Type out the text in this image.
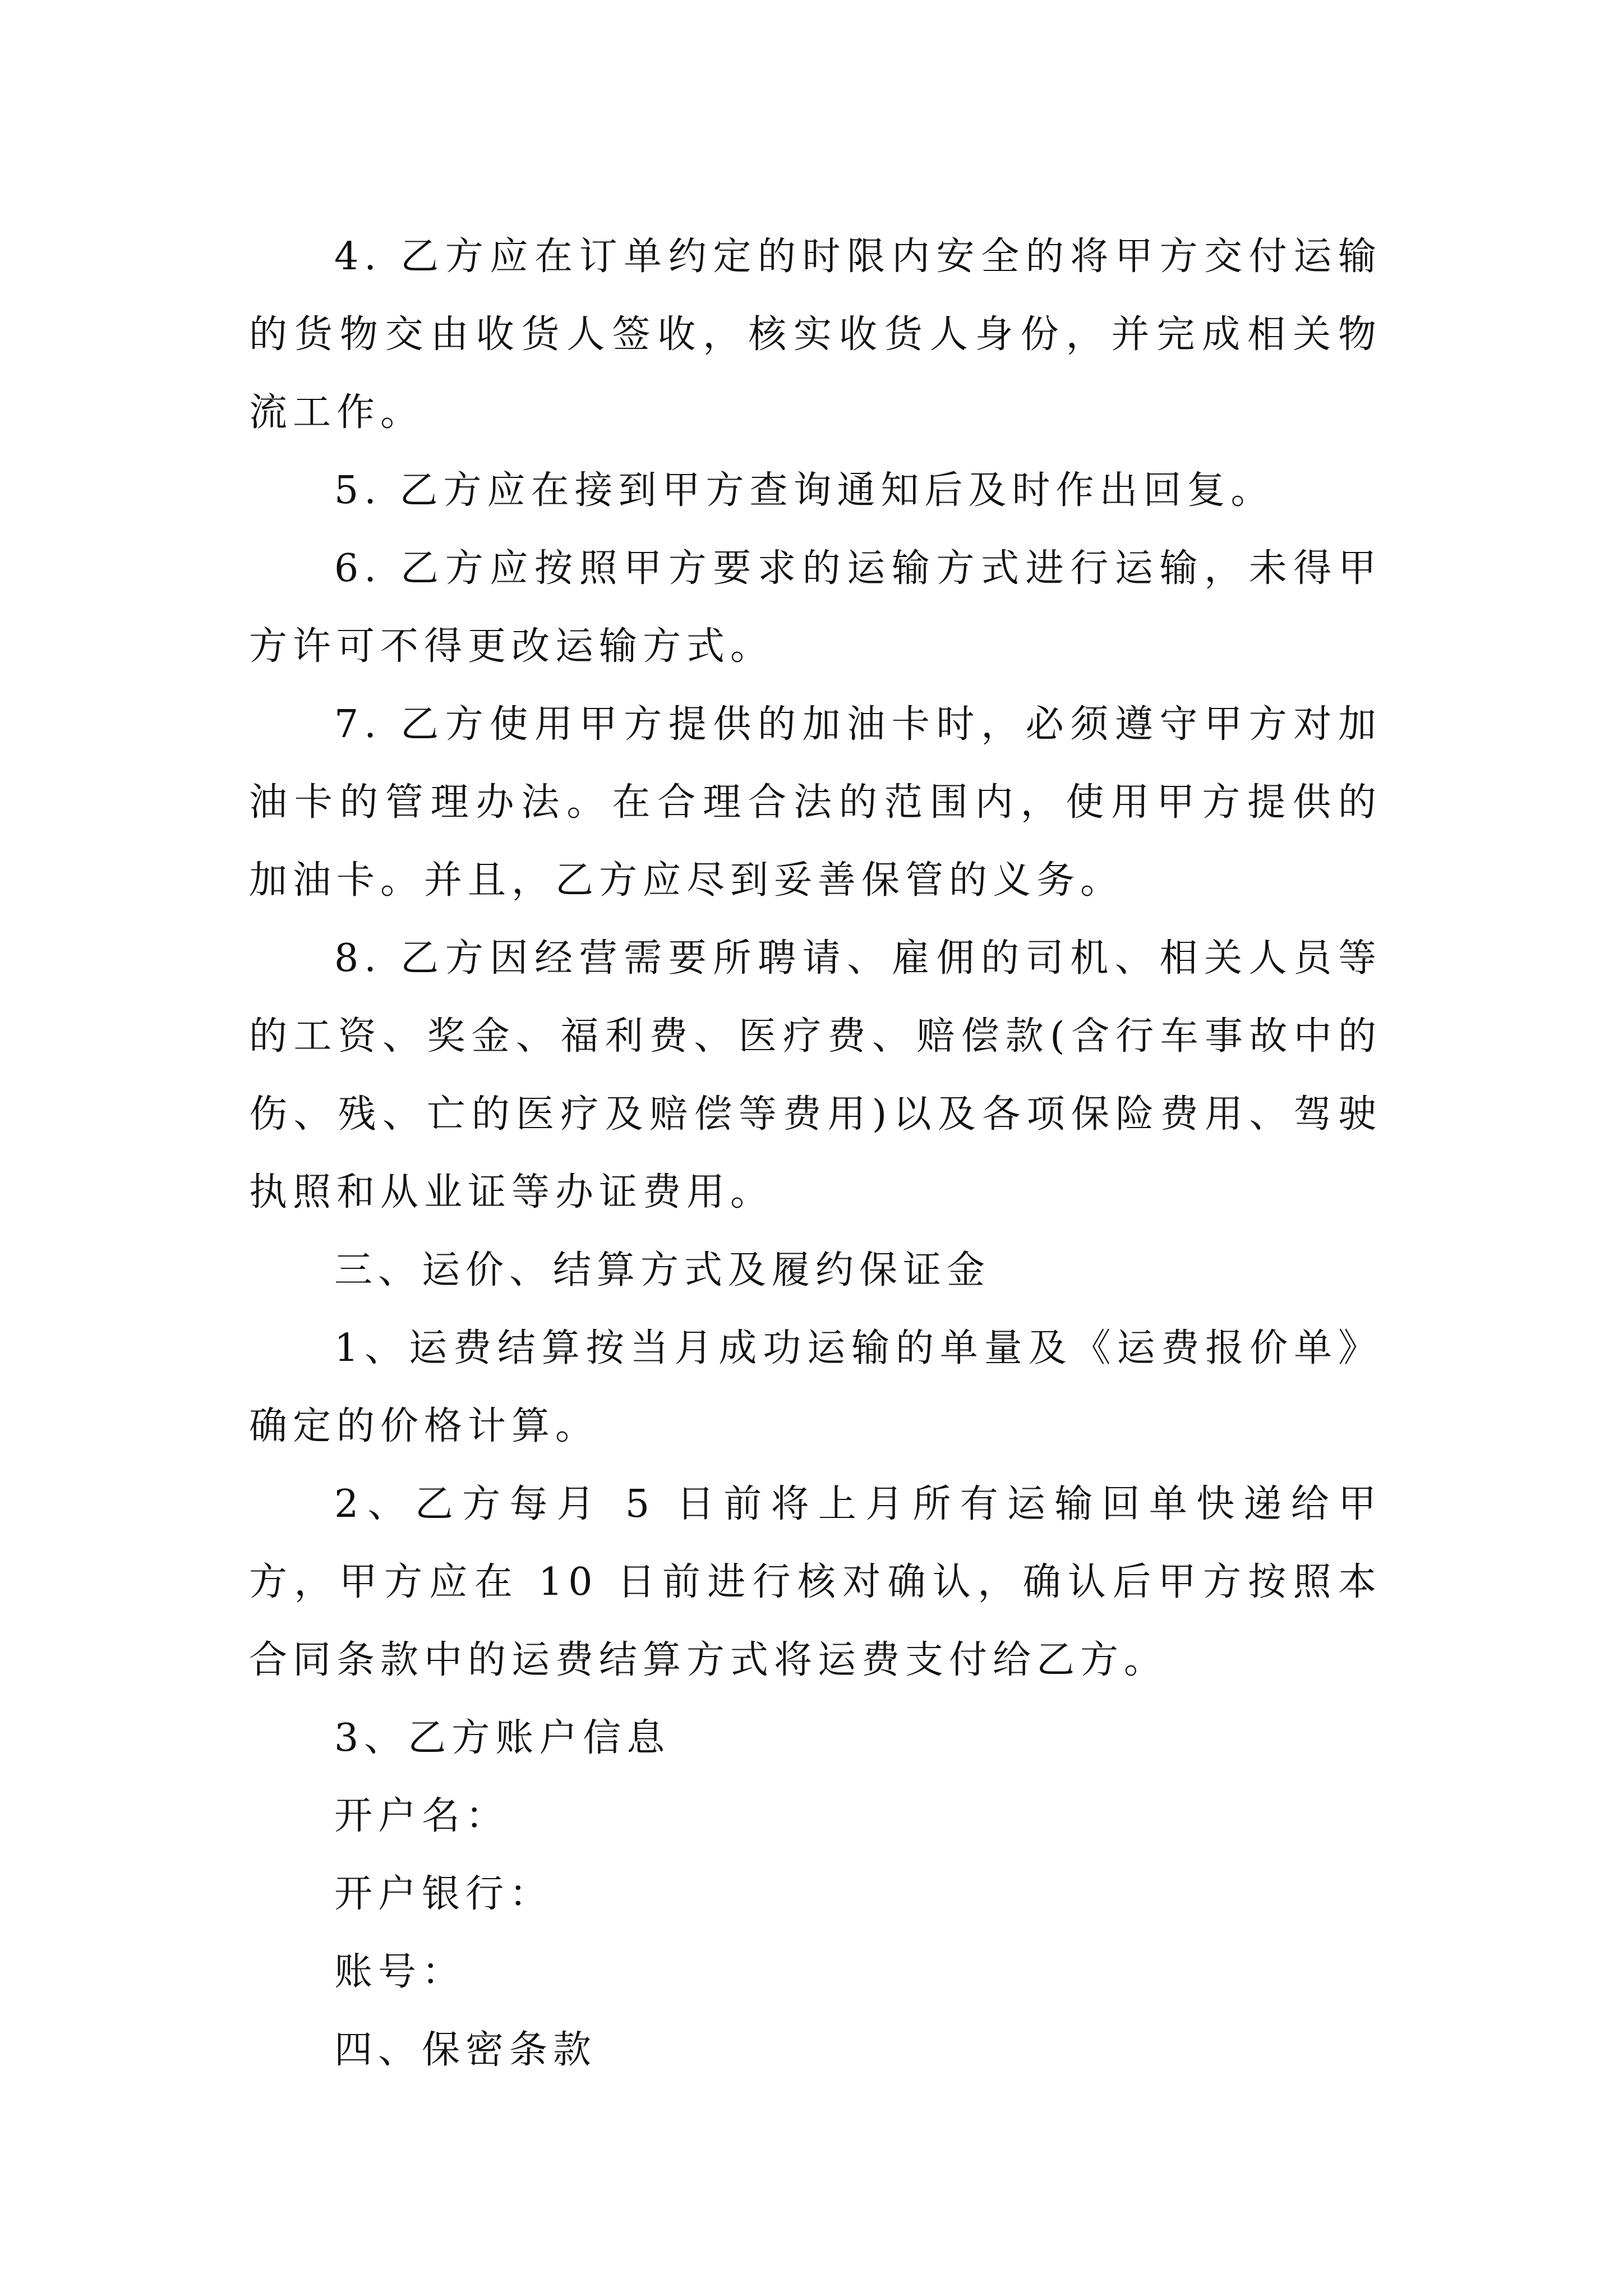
4. 乙方应在订单约定的时限内安全的将甲方交付运输的货物交由收货人签收，核实收货人身份，并完成相关物流工作。

5. 乙方应在接到甲方查询通知后及时作出回复。

6. 乙方应按照甲方要求的运输方式进行运输，未得甲方许可不得更改运输方式。

7. 乙方使用甲方提供的加油卡时，必须遵守甲方对加油卡的管理办法。在合理合法的范围内，使用甲方提供的加油卡。并且，乙方应尽到妥善保管的义务。

8. 乙方因经营需要所聘请、雇佣的司机、相关人员等的工资、奖金、福利费、医疗费、赔偿款(含行车事故中的伤、残、亡的医疗及赔偿等费用)以及各项保险费用、驾驶执照和从业证等办证费用。

三、运价、结算方式及履约保证金

1、运费结算按当月成功运输的单量及《运费报价单》确定的价格计算。

2、乙方每月 5 日前将上月所有运输回单快递给甲方，甲方应在 10 日前进行核对确认，确认后甲方按照本合同条款中的运费结算方式将运费支付给乙方。

3、乙方账户信息

开户名：

开户银行：

账号：

四、保密条款
